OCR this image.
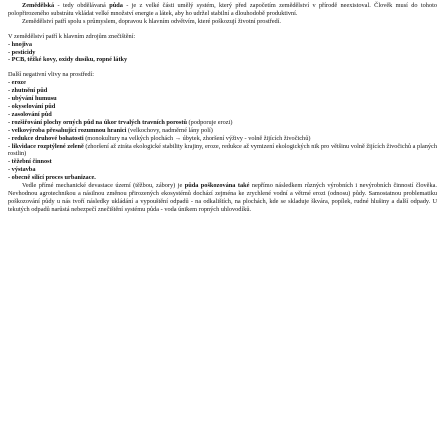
Zemědělská - tedy obdělávaná půda - je z velké části umělý systém, který před započetím zemědělství v přírodě neexistoval. Člověk musí do tohoto polopřirozeného substrátu vkládat velké množství energie a látek, aby ho udržel stabilní a dlouhodobě produktivní.

Zemědělství patří spolu s průmyslem, dopravou k hlavním odvětvím, které poškozují životní prostředí.

V zemědělství patří k hlavním zdrojům znečištění:

- hnojiva
- pesticidy
- PCB, těžké kovy, oxidy dusíku, ropné látky

Další negativní vlivy na prostředí:

- eroze
- zhutnění půd
- ubývání humusu
- okyselování půd
- zasolování půd
- rozšiřování plochy orných půd na úkor trvalých travních porostů (podporuje erozi)
- velkovýroba přesahující rozumnou hranici (velkochovy, nadměrné lány polí)
- redukce druhové bohatosti (monokultury na velkých plochách → úbytek, zhoršení výživy - volně žijících živočichů)
- likvidace rozptýlené zeleně (zhoršení až ztráta ekologické stability krajiny, eroze, redukce až vymizení ekologických nik pro většinu volně žijících živočichů a planých rostlin)
- těžební činnost
- výstavba
- obecně sílící proces urbanizace.

Vedle přímé mechanické devastace území (těžbou, zábory) je půda poškozována také nepřímo následkem různých výrobních i nevýrobních činností člověka. Nevhodnou agrotechnikou a násilnou změnou přirozených ekosystémů dochází zejména ke zrychlené vodní a větrné erozi (odnosu) půdy. Samostatnou problematiku poškozování půdy u nás tvoří následky ukládání a vypouštění odpadů - na odkalištích, na plochách, kde se skladuje škvára, popílek, rudné hlušiny a další odpady. U tekutých odpadů narůstá nebezpečí znečištění systému půda - voda únikem ropných uhlovodíků.
